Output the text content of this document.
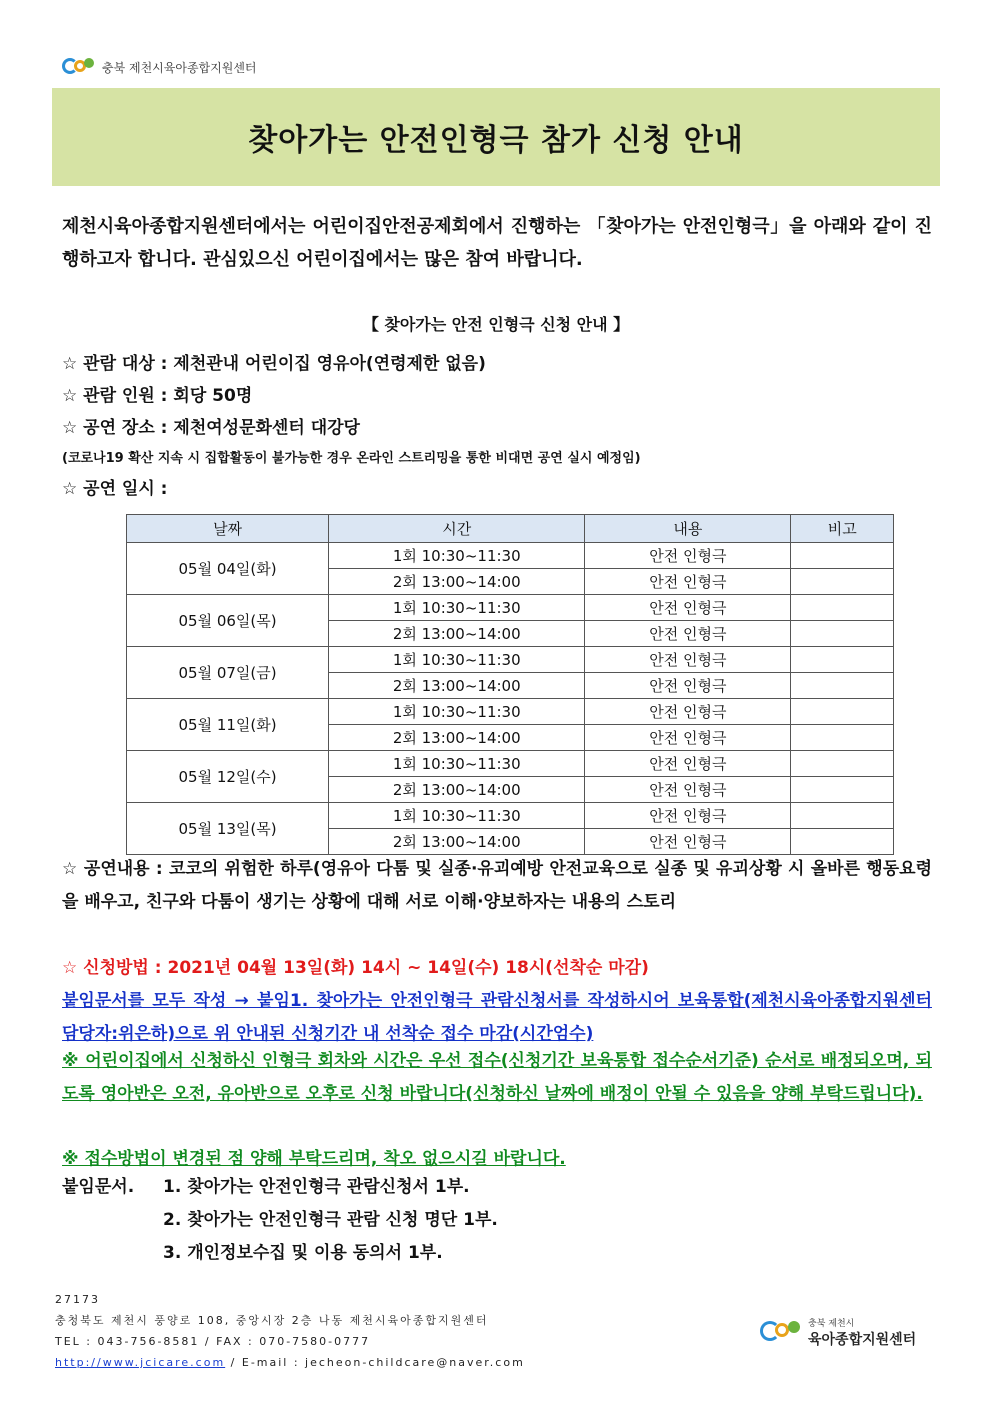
충북 제천시육아종합지원센터
찾아가는 안전인형극 참가 신청 안내
제천시육아종합지원센터에서는 어린이집안전공제회에서 진행하는 「찾아가는 안전인형극」을 아래와 같이 진행하고자 합니다. 관심있으신 어린이집에서는 많은 참여 바랍니다.
【 찾아가는 안전 인형극 신청 안내 】
☆ 관람 대상 : 제천관내 어린이집 영유아(연령제한 없음)
☆ 관람 인원 : 회당 50명
☆ 공연 장소 : 제천여성문화센터 대강당
(코로나19 확산 지속 시 집합활동이 불가능한 경우 온라인 스트리밍을 통한 비대면 공연 실시 예정임)
☆ 공연 일시 :
날짜	시간	내용	비고
05월 04일(화)	1회 10:30~11:30	안전 인형극	
	2회 13:00~14:00	안전 인형극	
05월 06일(목)	1회 10:30~11:30	안전 인형극	
	2회 13:00~14:00	안전 인형극	
05월 07일(금)	1회 10:30~11:30	안전 인형극	
	2회 13:00~14:00	안전 인형극	
05월 11일(화)	1회 10:30~11:30	안전 인형극	
	2회 13:00~14:00	안전 인형극	
05월 12일(수)	1회 10:30~11:30	안전 인형극	
	2회 13:00~14:00	안전 인형극	
05월 13일(목)	1회 10:30~11:30	안전 인형극	
	2회 13:00~14:00	안전 인형극	
☆ 공연내용 : 코코의 위험한 하루(영유아 다툼 및 실종·유괴예방 안전교육으로 실종 및 유괴상황 시 올바른 행동요령을 배우고, 친구와 다툼이 생기는 상황에 대해 서로 이해·양보하자는 내용의 스토리
☆ 신청방법 : 2021년 04월 13일(화) 14시 ~ 14일(수) 18시(선착순 마감)
붙임문서를 모두 작성 → 붙임1. 찾아가는 안전인형극 관람신청서를 작성하시어 보육통합(제천시육아종합지원센터 담당자:위은하)으로 위 안내된 신청기간 내 선착순 접수 마감(시간엄수)
※ 어린이집에서 신청하신 인형극 회차와 시간은 우선 접수(신청기간 보육통합 접수순서기준) 순서로 배정되오며, 되도록 영아반은 오전, 유아반으로 오후로 신청 바랍니다(신청하신 날짜에 배정이 안될 수 있음을 양해 부탁드립니다).
※ 접수방법이 변경된 점 양해 부탁드리며, 착오 없으시길 바랍니다.
붙임문서. 1. 찾아가는 안전인형극 관람신청서 1부.
2. 찾아가는 안전인형극 관람 신청 명단 1부.
3. 개인정보수집 및 이용 동의서 1부.
27173
충청북도 제천시 풍양로 108, 중앙시장 2층 나동 제천시육아종합지원센터
TEL : 043-756-8581 / FAX : 070-7580-0777
http://www.jcicare.com / E-mail : jecheon-childcare@naver.com
충북 제천시
육아종합지원센터
